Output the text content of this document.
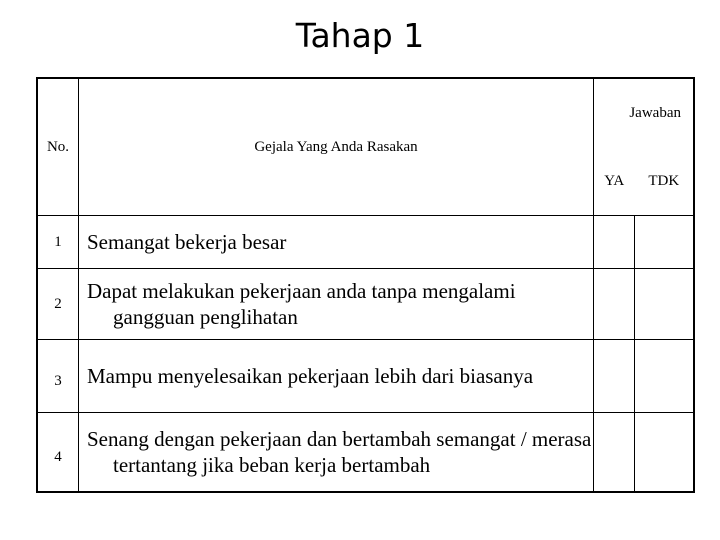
Tahap 1
No.	Gejala Yang Anda Rasakan	Jawaban	
		YA	TDK
1	Semangat bekerja besar		

2	Dapat melakukan pekerjaan anda tanpa mengalami gangguan penglihatan		

3	Mampu menyelesaikan pekerjaan lebih dari biasanya		

4	Senang dengan pekerjaan dan bertambah semangat / merasa tertantang jika beban kerja bertambah		
